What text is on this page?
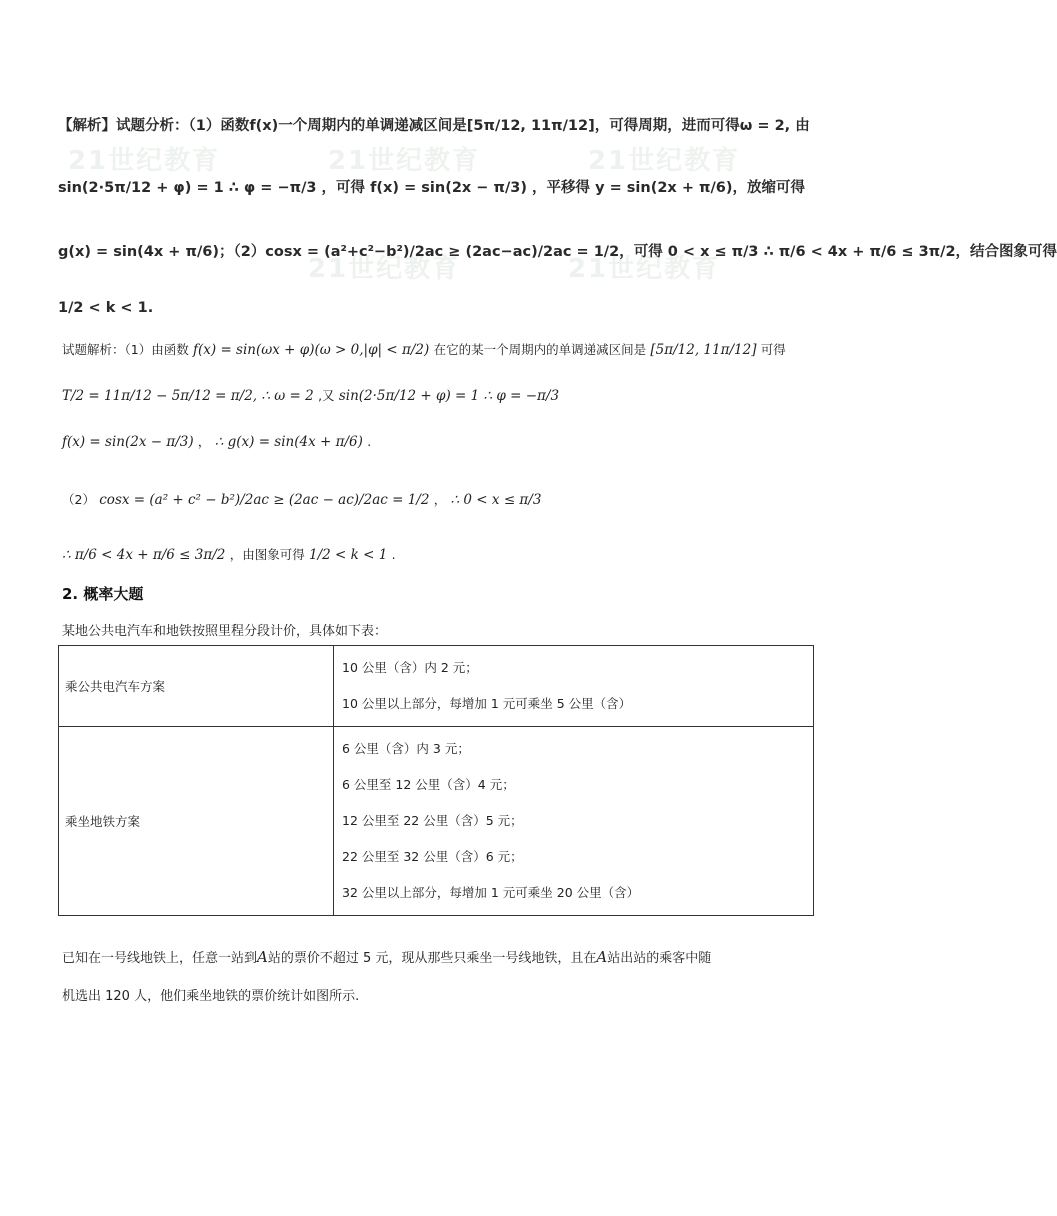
21世纪教育	21世纪教育	21世纪教育
21世纪教育	21世纪教育
【解析】试题分析：（1）函数f(x)一个周期内的单调递减区间是[5π/12, 11π/12]，可得周期，进而可得ω = 2, 由
sin(2·5π/12 + φ) = 1 ∴ φ = −π/3 ，可得 f(x) = sin(2x − π/3) ，平移得 y = sin(2x + π/6)，放缩可得
g(x) = sin(4x + π/6)；（2）cosx = (a²+c²−b²)/2ac ≥ (2ac−ac)/2ac = 1/2，可得 0 < x ≤ π/3 ∴ π/6 < 4x + π/6 ≤ 3π/2，结合图象可得
1/2 < k < 1.
试题解析：（1）由函数 f(x) = sin(ωx + φ)(ω > 0,|φ| < π/2) 在它的某一个周期内的单调递减区间是 [5π/12, 11π/12] 可得
T/2 = 11π/12 − 5π/12 = π/2, ∴ ω = 2 ,又 sin(2·5π/12 + φ) = 1 ∴ φ = −π/3
f(x) = sin(2x − π/3) ， ∴ g(x) = sin(4x + π/6) .
（2） cosx = (a² + c² − b²)/2ac ≥ (2ac − ac)/2ac = 1/2 ， ∴ 0 < x ≤ π/3
∴ π/6 < 4x + π/6 ≤ 3π/2 ，由图象可得 1/2 < k < 1 .
2. 概率大题

某地公共电汽车和地铁按照里程分段计价，具体如下表：

乘公共电汽车方案	10 公里（含）内 2 元；
10 公里以上部分，每增加 1 元可乘坐 5 公里（含）

乘坐地铁方案	6 公里（含）内 3 元；
6 公里至 12 公里（含）4 元；
12 公里至 22 公里（含）5 元；
22 公里至 32 公里（含）6 元；
32 公里以上部分，每增加 1 元可乘坐 20 公里（含）

已知在一号线地铁上，任意一站到A站的票价不超过 5 元，现从那些只乘坐一号线地铁，且在A站出站的乘客中随
机选出 120 人，他们乘坐地铁的票价统计如图所示.
